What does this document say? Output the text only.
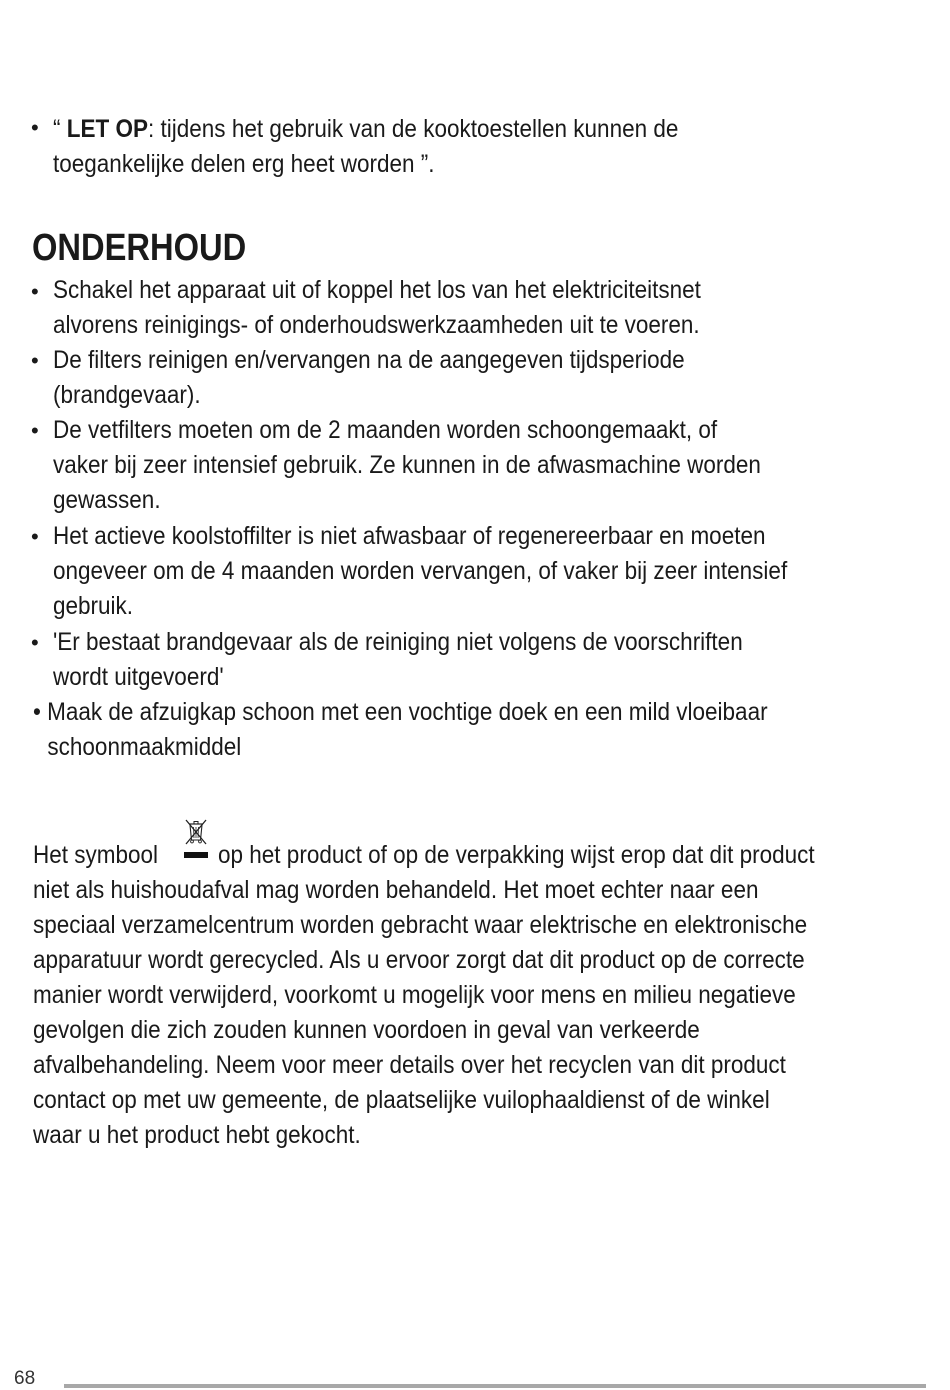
• “ LET OP: tijdens het gebruik van de kooktoestellen kunnen de
toegankelijke delen erg heet worden ”.
ONDERHOUD
• Schakel het apparaat uit of koppel het los van het elektriciteitsnet
alvorens reinigings- of onderhoudswerkzaamheden uit te voeren.
• De filters reinigen en/vervangen na de aangegeven tijdsperiode
(brandgevaar).
• De vetfilters moeten om de 2 maanden worden schoongemaakt, of
vaker bij zeer intensief gebruik. Ze kunnen in de afwasmachine worden
gewassen.
• Het actieve koolstoffilter is niet afwasbaar of regenereerbaar en moeten
ongeveer om de 4 maanden worden vervangen, of vaker bij zeer intensief
gebruik.
• 'Er bestaat brandgevaar als de reiniging niet volgens de voorschriften
wordt uitgevoerd'
• Maak de afzuigkap schoon met een vochtige doek en een mild vloeibaar
schoonmaakmiddel
Het symbool op het product of op de verpakking wijst erop dat dit product
niet als huishoudafval mag worden behandeld. Het moet echter naar een
speciaal verzamelcentrum worden gebracht waar elektrische en elektronische
apparatuur wordt gerecycled. Als u ervoor zorgt dat dit product op de correcte
manier wordt verwijderd, voorkomt u mogelijk voor mens en milieu negatieve
gevolgen die zich zouden kunnen voordoen in geval van verkeerde
afvalbehandeling. Neem voor meer details over het recyclen van dit product
contact op met uw gemeente, de plaatselijke vuilophaaldienst of de winkel
waar u het product hebt gekocht.
68
